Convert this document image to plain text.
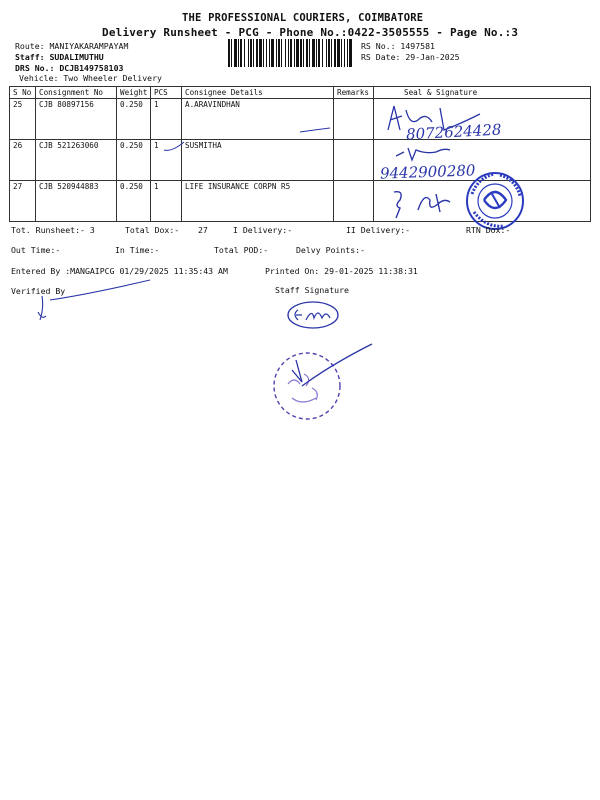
THE PROFESSIONAL COURIERS, COIMBATORE
Delivery Runsheet - PCG - Phone No.:0422-3505555 - Page No.:3
Route: MANIYAKARAMPAYAM
Staff: SUDALIMUTHU
DRS No.: DCJB149758103
Vehicle: Two Wheeler Delivery
RS No.: 1497581
RS Date: 29-Jan-2025
S No	Consignment No	Weight	PCS	Consignee Details	Remarks	Seal & Signature
25	CJB 80897156	0.250	1	A.ARAVINDHAN		
26	CJB 521263060	0.250	1	SUSMITHA		
27	CJB 520944883	0.250	1	LIFE INSURANCE CORPN R5		
8072624428
9442900280
Tot. Runsheet:- 3	Total Dox:- 27	I Delivery:-	II Delivery:-	RTN Dox:-
Out Time:-	In Time:-	Total POD:-	Delvy Points:-
Entered By :MANGAIPCG 01/29/2025 11:35:43 AM	Printed On: 29-01-2025 11:38:31
Verified By	Staff Signature
